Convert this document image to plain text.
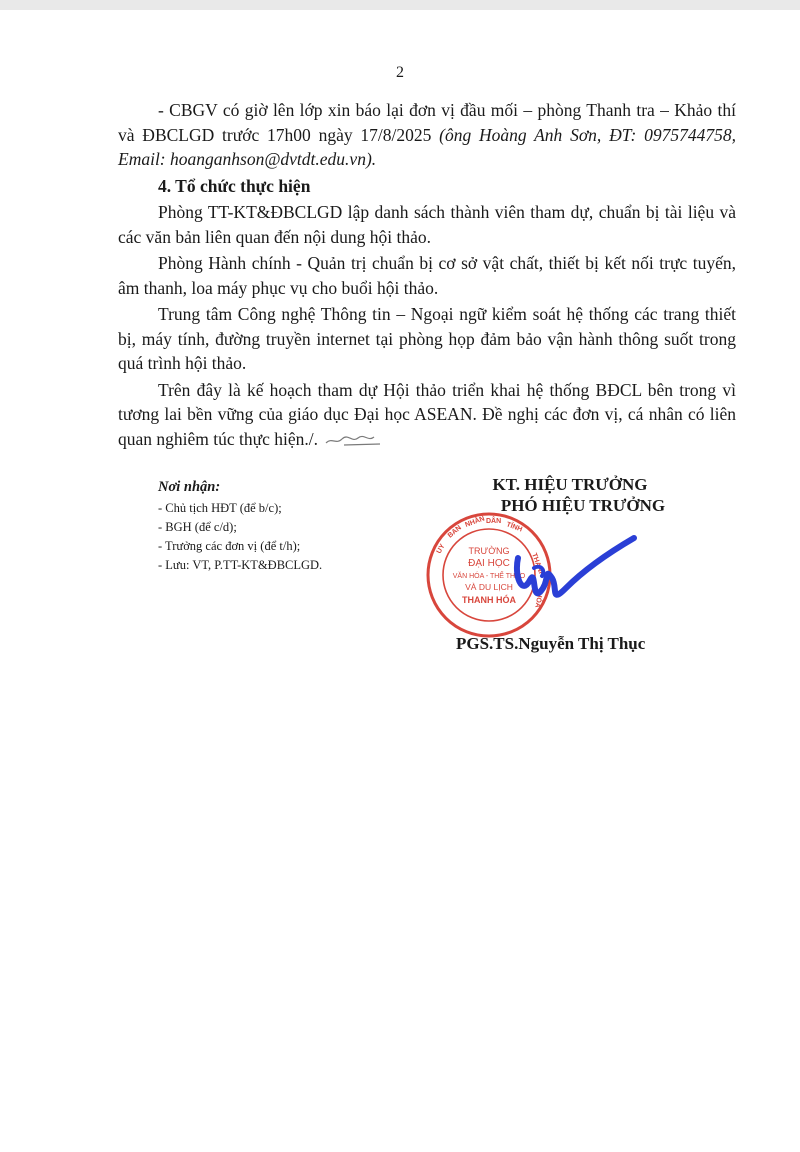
2

- CBGV có giờ lên lớp xin báo lại đơn vị đầu mối – phòng Thanh tra – Khảo thí và ĐBCLGD trước 17h00 ngày 17/8/2025 (ông Hoàng Anh Sơn, ĐT: 0975744758, Email: hoanganhson@dvtdt.edu.vn).

4. Tổ chức thực hiện

Phòng TT-KT&ĐBCLGD lập danh sách thành viên tham dự, chuẩn bị tài liệu và các văn bản liên quan đến nội dung hội thảo.

Phòng Hành chính - Quản trị chuẩn bị cơ sở vật chất, thiết bị kết nối trực tuyến, âm thanh, loa máy phục vụ cho buổi hội thảo.

Trung tâm Công nghệ Thông tin – Ngoại ngữ kiểm soát hệ thống các trang thiết bị, máy tính, đường truyền internet tại phòng họp đảm bảo vận hành thông suốt trong quá trình hội thảo.

Trên đây là kế hoạch tham dự Hội thảo triển khai hệ thống BĐCL bên trong vì tương lai bền vững của giáo dục Đại học ASEAN. Đề nghị các đơn vị, cá nhân có liên quan nghiêm túc thực hiện./.

Nơi nhận:

- Chủ tịch HĐT (để b/c);

- BGH (để c/d);

- Trưởng các đơn vị (để t/h);

- Lưu: VT, P.TT-KT&ĐBCLGD.

KT. HIỆU TRƯỞNG
PHÓ HIỆU TRƯỞNG
UY
BAN
NHÂN DÂN TỈNH
THANH
HÓA
TRƯỜNG
ĐẠI HỌC
VĂN HÓA - THỂ THAO
VÀ DU LỊCH
THANH HÓA
PGS.TS.Nguyễn Thị Thục
